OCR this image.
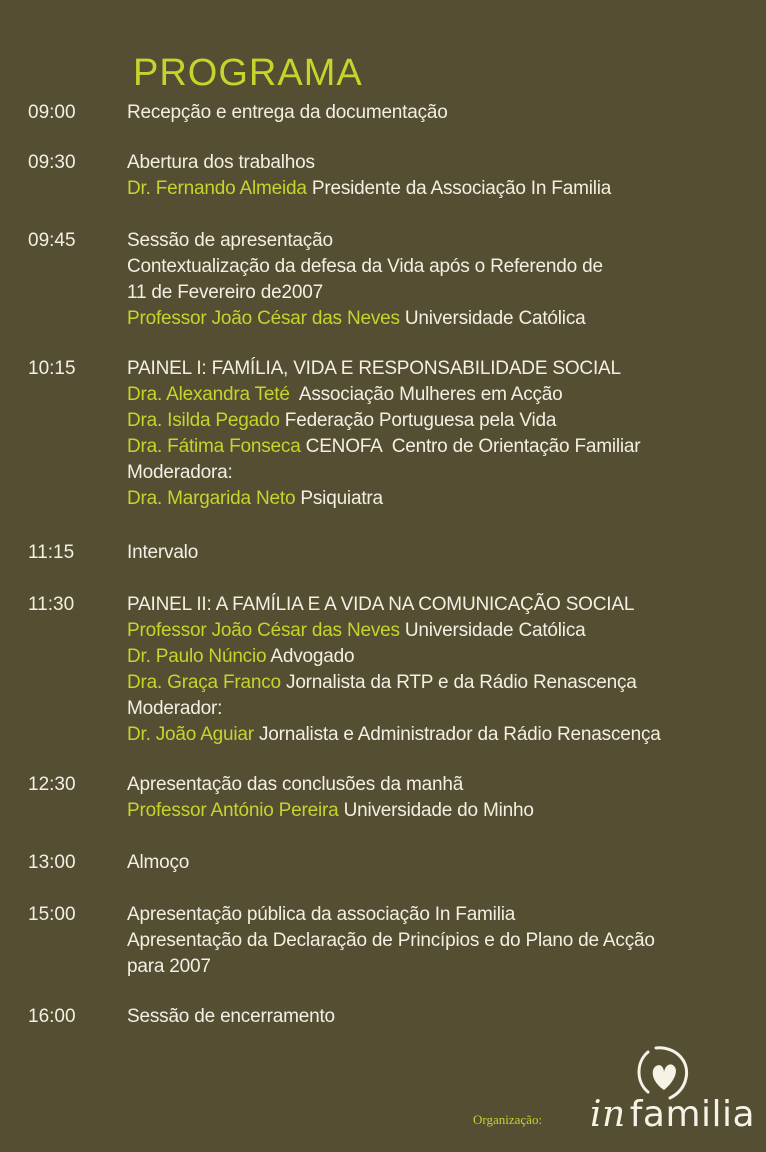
PROGRAMA
09:00	Recepção e entrega da documentação
09:30	Abertura dos trabalhos
Dr. Fernando Almeida Presidente da Associação In Familia
09:45	Sessão de apresentação
Contextualização da defesa da Vida após o Referendo de
11 de Fevereiro de2007
Professor João César das Neves Universidade Católica
10:15	PAINEL I: FAMÍLIA, VIDA E RESPONSABILIDADE SOCIAL
Dra. Alexandra Teté  Associação Mulheres em Acção
Dra. Isilda Pegado Federação Portuguesa pela Vida
Dra. Fátima Fonseca CENOFA  Centro de Orientação Familiar
Moderadora:
Dra. Margarida Neto Psiquiatra
11:15	Intervalo
11:30	PAINEL II: A FAMÍLIA E A VIDA NA COMUNICAÇÃO SOCIAL
Professor João César das Neves Universidade Católica
Dr. Paulo Núncio Advogado
Dra. Graça Franco Jornalista da RTP e da Rádio Renascença
Moderador:
Dr. João Aguiar Jornalista e Administrador da Rádio Renascença
12:30	Apresentação das conclusões da manhã
Professor António Pereira Universidade do Minho
13:00	Almoço
15:00	Apresentação pública da associação In Familia
Apresentação da Declaração de Princípios e do Plano de Acção
para 2007
16:00	Sessão de encerramento
Organização: in familia
